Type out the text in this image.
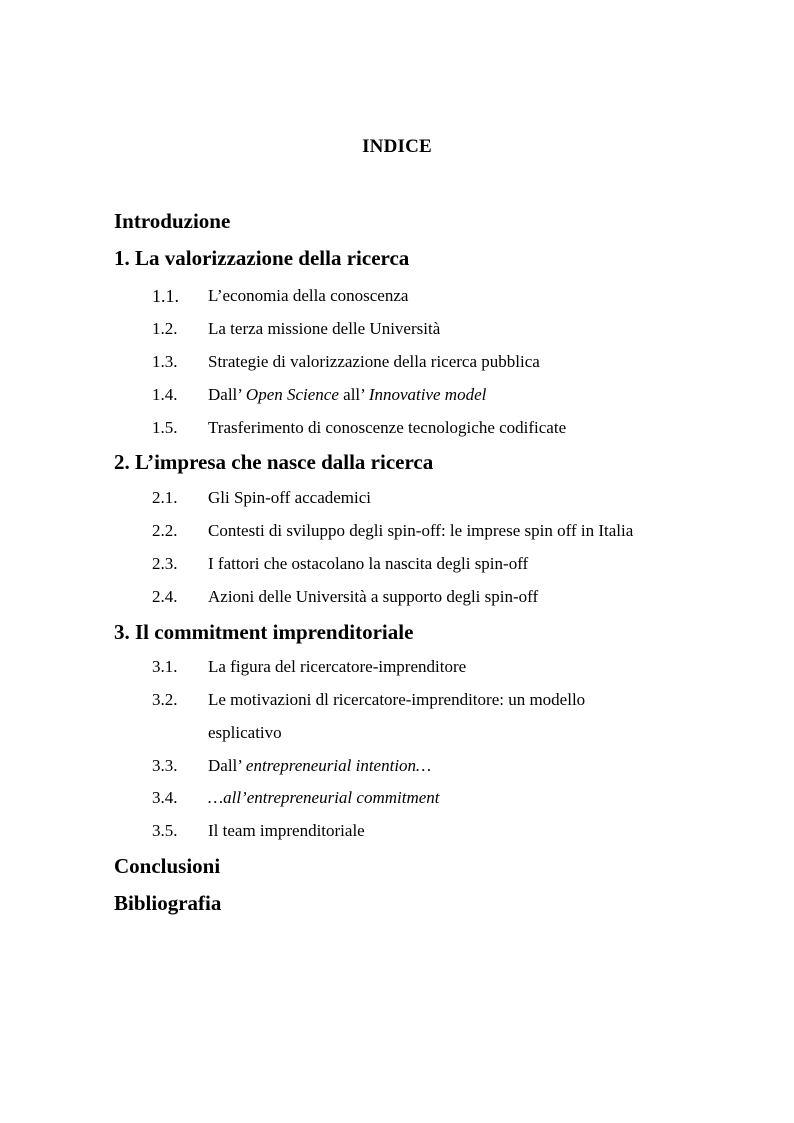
INDICE
Introduzione
1. La valorizzazione della ricerca
1.1. L’economia della conoscenza
1.2. La terza missione delle Università
1.3. Strategie di valorizzazione della ricerca pubblica
1.4. Dall’ Open Science all’ Innovative model
1.5. Trasferimento di conoscenze tecnologiche codificate
2. L’impresa che nasce dalla ricerca
2.1. Gli Spin-off accademici
2.2. Contesti di sviluppo degli spin-off: le imprese spin off in Italia
2.3. I fattori che ostacolano la nascita degli spin-off
2.4. Azioni delle Università a supporto degli spin-off
3. Il commitment imprenditoriale
3.1. La figura del ricercatore-imprenditore
3.2. Le motivazioni dl ricercatore-imprenditore: un modello
esplicativo
3.3. Dall’ entrepreneurial intention…
3.4. …all’entrepreneurial commitment
3.5. Il team imprenditoriale
Conclusioni
Bibliografia
